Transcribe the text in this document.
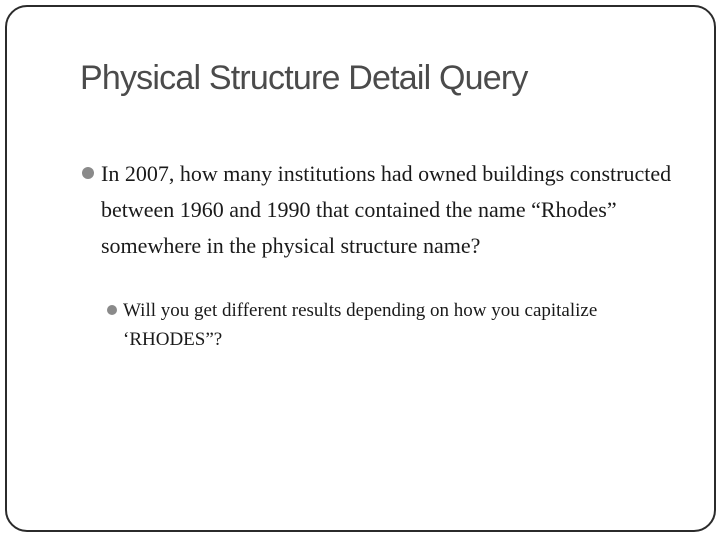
Physical Structure Detail Query
In 2007, how many institutions had owned buildings constructed between 1960 and 1990 that contained the name “Rhodes” somewhere in the physical structure name?
Will you get different results depending on how you capitalize ‘RHODES”?
